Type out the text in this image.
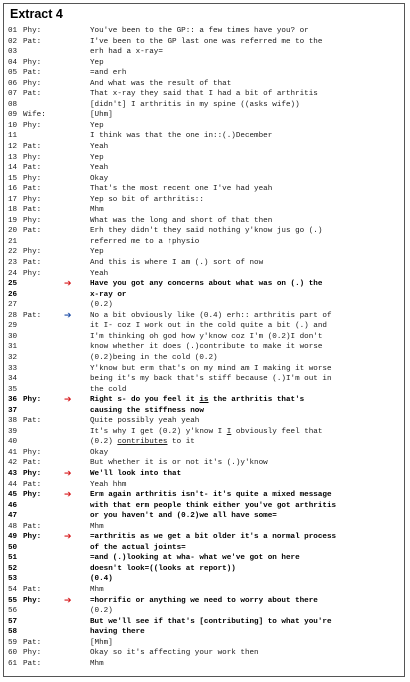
Extract 4
01 Phy:	You've been to the GP:: a few times have you? or
02 Pat:	I've been to the GP last one was referred me to the
03	erh had a x-ray=
04 Phy:	Yep
05 Pat:	=and erh
06 Phy:	And what was the result of that
07 Pat:	That x-ray they said that I had a bit of arthritis
08	[didn't] I arthritis in my spine ((asks wife))
09 Wife:	[Uhm]
10 Phy:	Yep
11	I think was that the one in::(.)December
12 Pat:	Yeah
13 Phy:	Yep
14 Pat:	Yeah
15 Phy:	Okay
16 Pat:	That's the most recent one I've had yeah
17 Phy:	Yep so bit of arthritis::
18 Pat:	Mhm
19 Phy:	What was the long and short of that then
20 Pat:	Erh they didn't they said nothing y'know jus go (.)
21	referred me to a ↑physio
22 Phy:	Yep
23 Pat:	And this is where I am (.) sort of now
24 Phy:	Yeah
25	➔ Have you got any concerns about what was on (.) the
26	x-ray or
27	(0.2)
28 Pat:	➔ No a bit obviously like (0.4) erh:: arthritis part of
29	it I- coz I work out in the cold quite a bit (.) and
30	I'm thinking oh god how y'know coz I'm (0.2)I don't
31	know whether it does (.)contribute to make it worse
32	(0.2)being in the cold (0.2)
33	Y'know but erm that's on my mind am I making it worse
34	being it's my back that's stiff because (.)I'm out in
35	the cold
36 Phy:	➔ Right s- do you feel it is the arthritis that's
37	causing the stiffness now
38 Pat:	Quite possibly yeah yeah
39	It's why I get (0.2) y'know I I obviously feel that
40	(0.2) contributes to it
41 Phy:	Okay
42 Pat:	But whether it is or not it's (.)y'know
43 Phy:	➔ We'll look into that
44 Pat:	Yeah hhm
45 Phy:	➔ Erm again arthritis isn't- it's quite a mixed message
46	with that erm people think either you've got arthritis
47	or you haven't and (0.2)we all have some=
48 Pat:	Mhm
49 Phy:	➔ =arthritis as we get a bit older it's a normal process
50	of the actual joints=
51	=and (.)looking at wha- what we've got on here
52	doesn't look=((looks at report))
53	(0.4)
54 Pat:	Mhm
55 Phy:	➔ =horrific or anything we need to worry about there
56	(0.2)
57	But we'll see if that's [contributing] to what you're
58	having there
59 Pat:	[Mhm]
60 Phy:	Okay so it's affecting your work then
61 Pat:	Mhm
